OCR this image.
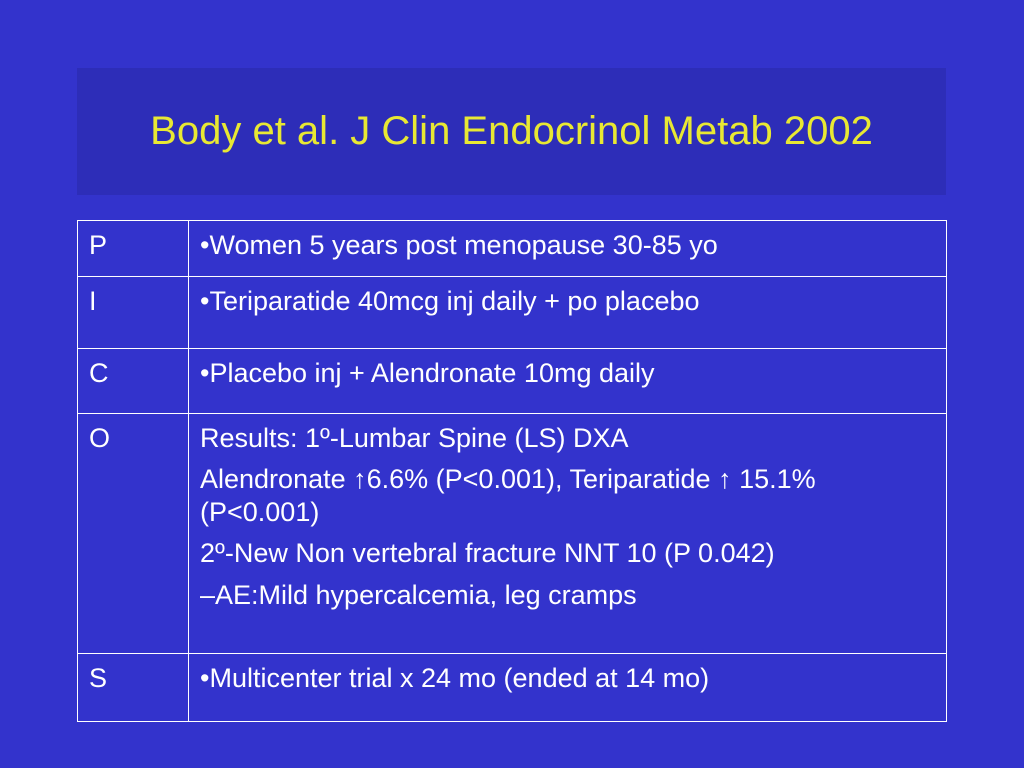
Body et al. J Clin Endocrinol Metab 2002
P	•Women 5 years post menopause 30-85 yo

I	•Teriparatide 40mcg inj daily + po placebo

C	•Placebo inj + Alendronate 10mg daily

O	Results: 1º-Lumbar Spine (LS) DXA
Alendronate ↑6.6% (P<0.001), Teriparatide ↑ 15.1% (P<0.001)
2º-New Non vertebral fracture NNT 10 (P 0.042)
–AE:Mild hypercalcemia, leg cramps

S	•Multicenter trial x 24 mo (ended at 14 mo)
